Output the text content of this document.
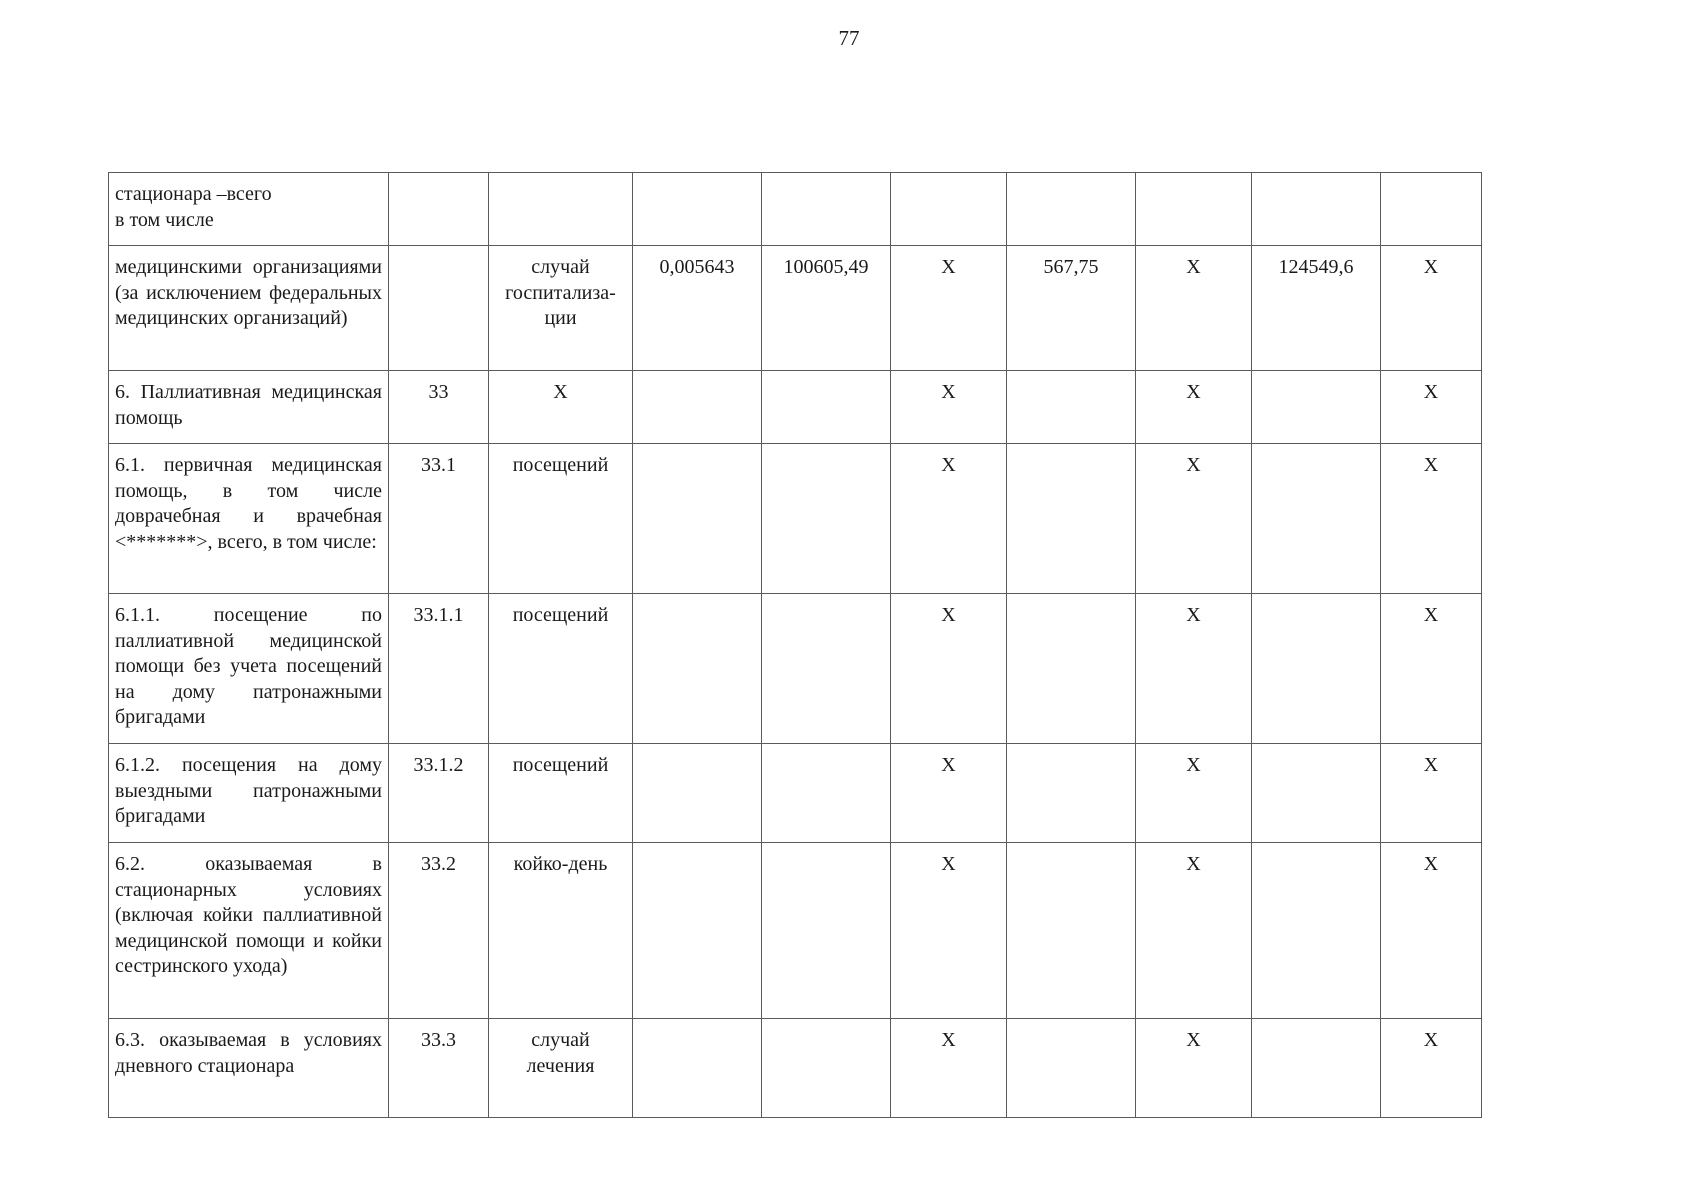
77
стационара –всего
в том числе									
медицинскими организациями (за исключением федеральных медицинских организаций)		случай госпитализа-ции	0,005643	100605,49	X	567,75	X	124549,6	X
6. Паллиативная медицинская помощь	33	X			X		X		X
6.1. первичная медицинская помощь, в том числе доврачебная и врачебная <*******>, всего, в том числе:	33.1	посещений			X		X		X
6.1.1. посещение по паллиативной медицинской помощи без учета посещений на дому патронажными бригадами	33.1.1	посещений			X		X		X
6.1.2. посещения на дому выездными патронажными бригадами	33.1.2	посещений			X		X		X
6.2. оказываемая в стационарных условиях (включая койки паллиативной медицинской помощи и койки сестринского ухода)	33.2	койко-день			X		X		X
6.3. оказываемая в условиях дневного стационара	33.3	случай лечения			X		X		X
